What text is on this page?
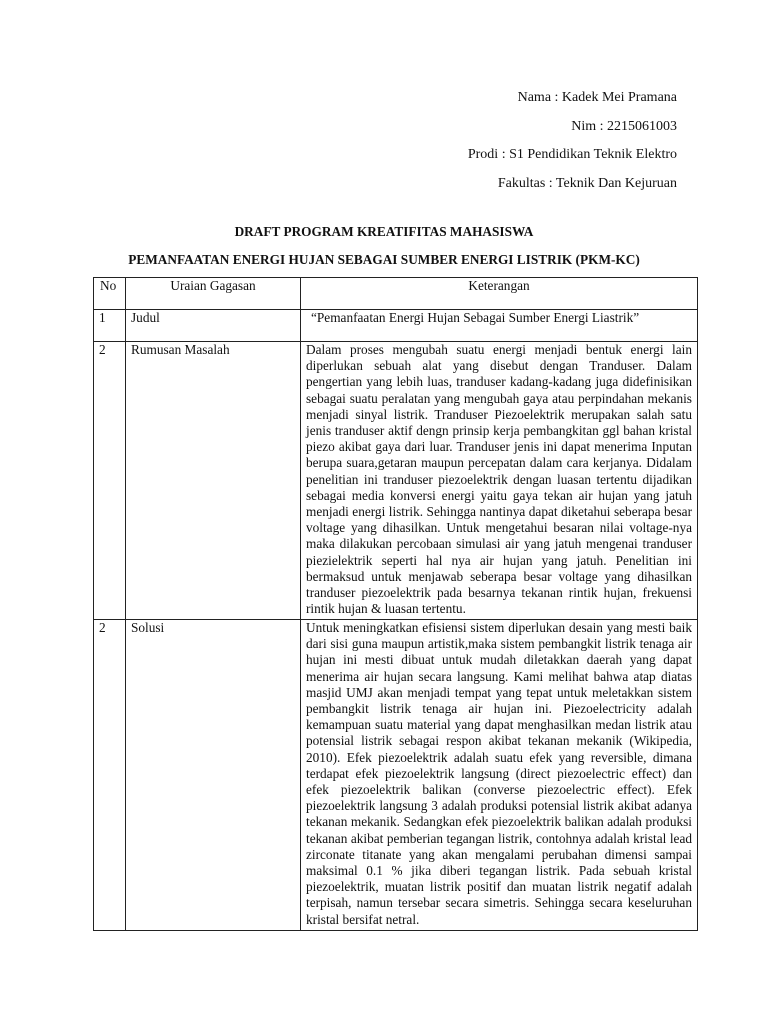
Nama : Kadek Mei Pramana
Nim : 2215061003
Prodi : S1 Pendidikan Teknik Elektro
Fakultas : Teknik Dan Kejuruan
DRAFT PROGRAM KREATIFITAS MAHASISWA
PEMANFAATAN ENERGI HUJAN SEBAGAI SUMBER ENERGI LISTRIK (PKM-KC)
No	Uraian Gagasan	Keterangan
1	Judul	“Pemanfaatan Energi Hujan Sebagai Sumber Energi Liastrik”
2	Rumusan Masalah	Dalam proses mengubah suatu energi menjadi bentuk energi lain diperlukan sebuah alat yang disebut dengan Tranduser. Dalam pengertian yang lebih luas, tranduser kadang-kadang juga didefinisikan sebagai suatu peralatan yang mengubah gaya atau perpindahan mekanis menjadi sinyal listrik. Tranduser Piezoelektrik merupakan salah satu jenis tranduser aktif dengn prinsip kerja pembangkitan ggl bahan kristal piezo akibat gaya dari luar. Tranduser jenis ini dapat menerima Inputan berupa suara,getaran maupun percepatan dalam cara kerjanya. Didalam penelitian ini tranduser piezoelektrik dengan luasan tertentu dijadikan sebagai media konversi energi yaitu gaya tekan air hujan yang jatuh menjadi energi listrik. Sehingga nantinya dapat diketahui seberapa besar voltage yang dihasilkan. Untuk mengetahui besaran nilai voltage-nya maka dilakukan percobaan simulasi air yang jatuh mengenai tranduser piezielektrik seperti hal nya air hujan yang jatuh. Penelitian ini bermaksud untuk menjawab seberapa besar voltage yang dihasilkan tranduser piezoelektrik pada besarnya tekanan rintik hujan, frekuensi rintik hujan & luasan tertentu.
2	Solusi	Untuk meningkatkan efisiensi sistem diperlukan desain yang mesti baik dari sisi guna maupun artistik,maka sistem pembangkit listrik tenaga air hujan ini mesti dibuat untuk mudah diletakkan daerah yang dapat menerima air hujan secara langsung. Kami melihat bahwa atap diatas masjid UMJ akan menjadi tempat yang tepat untuk meletakkan sistem pembangkit listrik tenaga air hujan ini. Piezoelectricity adalah kemampuan suatu material yang dapat menghasilkan medan listrik atau potensial listrik sebagai respon akibat tekanan mekanik (Wikipedia, 2010). Efek piezoelektrik adalah suatu efek yang reversible, dimana terdapat efek piezoelektrik langsung (direct piezoelectric effect) dan efek piezoelektrik balikan (converse piezoelectric effect). Efek piezoelektrik langsung 3 adalah produksi potensial listrik akibat adanya tekanan mekanik. Sedangkan efek piezoelektrik balikan adalah produksi tekanan akibat pemberian tegangan listrik, contohnya adalah kristal lead zirconate titanate yang akan mengalami perubahan dimensi sampai maksimal 0.1 % jika diberi tegangan listrik. Pada sebuah kristal piezoelektrik, muatan listrik positif dan muatan listrik negatif adalah terpisah, namun tersebar secara simetris. Sehingga secara keseluruhan kristal bersifat netral.
